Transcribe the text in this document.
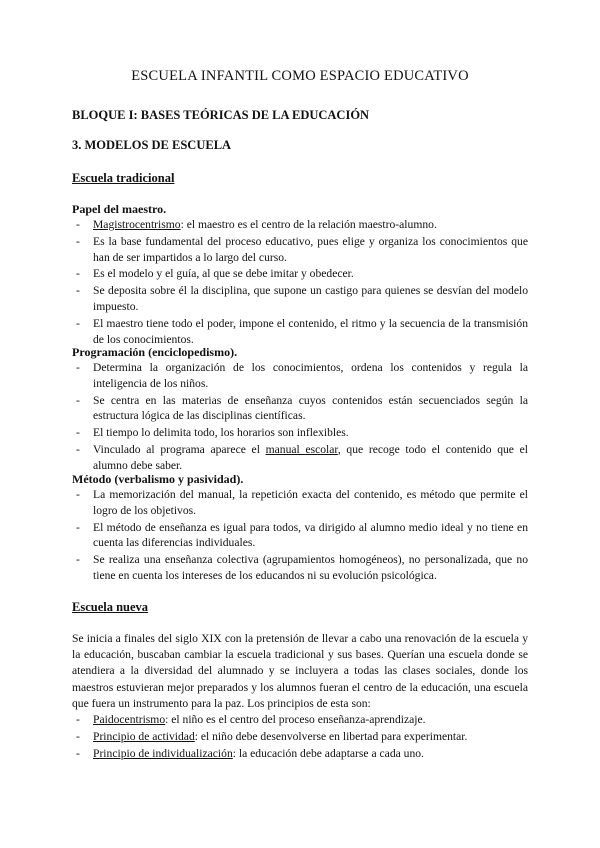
ESCUELA INFANTIL COMO ESPACIO EDUCATIVO
BLOQUE I: BASES TEÓRICAS DE LA EDUCACIÓN
3. MODELOS DE ESCUELA
Escuela tradicional
Papel del maestro.
- Magistrocentrismo: el maestro es el centro de la relación maestro-alumno.
- Es la base fundamental del proceso educativo, pues elige y organiza los conocimientos que han de ser impartidos a lo largo del curso.
- Es el modelo y el guía, al que se debe imitar y obedecer.
- Se deposita sobre él la disciplina, que supone un castigo para quienes se desvían del modelo impuesto.
- El maestro tiene todo el poder, impone el contenido, el ritmo y la secuencia de la transmisión de los conocimientos.
Programación (enciclopedismo).
- Determina la organización de los conocimientos, ordena los contenidos y regula la inteligencia de los niños.
- Se centra en las materias de enseñanza cuyos contenidos están secuenciados según la estructura lógica de las disciplinas científicas.
- El tiempo lo delimita todo, los horarios son inflexibles.
- Vinculado al programa aparece el manual escolar, que recoge todo el contenido que el alumno debe saber.
Método (verbalismo y pasividad).
- La memorización del manual, la repetición exacta del contenido, es método que permite el logro de los objetivos.
- El método de enseñanza es igual para todos, va dirigido al alumno medio ideal y no tiene en cuenta las diferencias individuales.
- Se realiza una enseñanza colectiva (agrupamientos homogéneos), no personalizada, que no tiene en cuenta los intereses de los educandos ni su evolución psicológica.
Escuela nueva
Se inicia a finales del siglo XIX con la pretensión de llevar a cabo una renovación de la escuela y la educación, buscaban cambiar la escuela tradicional y sus bases. Querían una escuela donde se atendiera a la diversidad del alumnado y se incluyera a todas las clases sociales, donde los maestros estuvieran mejor preparados y los alumnos fueran el centro de la educación, una escuela que fuera un instrumento para la paz. Los principios de esta son:
- Paidocentrismo: el niño es el centro del proceso enseñanza-aprendizaje.
- Principio de actividad: el niño debe desenvolverse en libertad para experimentar.
- Principio de individualización: la educación debe adaptarse a cada uno.
